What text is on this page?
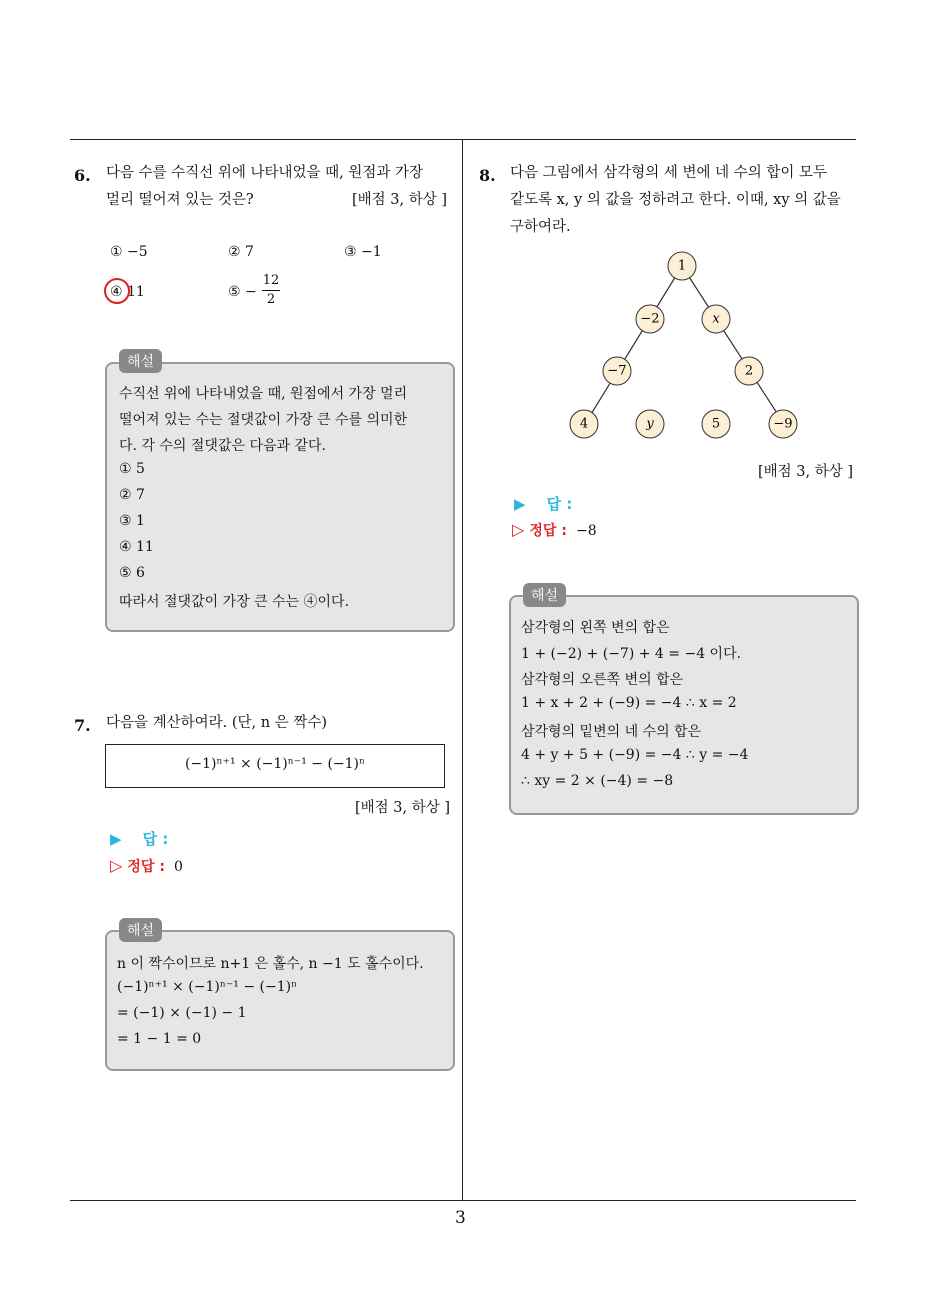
3
6. 다음 수를 수직선 위에 나타내었을 때, 원점과 가장
멀리 떨어져 있는 것은?	[배점 3, 하상 ]
① −5	② 7	③ −1
④ 11	⑤ − $\frac{12}{2}$
해설
수직선 위에 나타내었을 때, 원점에서 가장 멀리
떨어져 있는 수는 절댓값이 가장 큰 수를 의미한
다. 각 수의 절댓값은 다음과 같다.
① 5
② 7
③ 1
④ 11
⑤ 6
따라서 절댓값이 가장 큰 수는 ④이다.
7. 다음을 계산하여라. (단, n 은 짝수)
(−1)ⁿ⁺¹ × (−1)ⁿ⁻¹ − (−1)ⁿ
[배점 3, 하상 ]
▶ 답 :
▷ 정답 : 0
해설
n 이 짝수이므로 n+1 은 홀수, n −1 도 홀수이다.
(−1)ⁿ⁺¹ × (−1)ⁿ⁻¹ − (−1)ⁿ
= (−1) × (−1) − 1
= 1 − 1 = 0
8. 다음 그림에서 삼각형의 세 변에 네 수의 합이 모두
같도록 x, y 의 값을 정하려고 한다. 이때, xy 의 값을
구하여라.
1
−2	x
−7	2
4	y	5	−9
[배점 3, 하상 ]
▶ 답 :
▷ 정답 : −8
해설
삼각형의 왼쪽 변의 합은
1 + (−2) + (−7) + 4 = −4 이다.
삼각형의 오른쪽 변의 합은
1 + x + 2 + (−9) = −4 ∴ x = 2
삼각형의 밑변의 네 수의 합은
4 + y + 5 + (−9) = −4 ∴ y = −4
∴ xy = 2 × (−4) = −8
